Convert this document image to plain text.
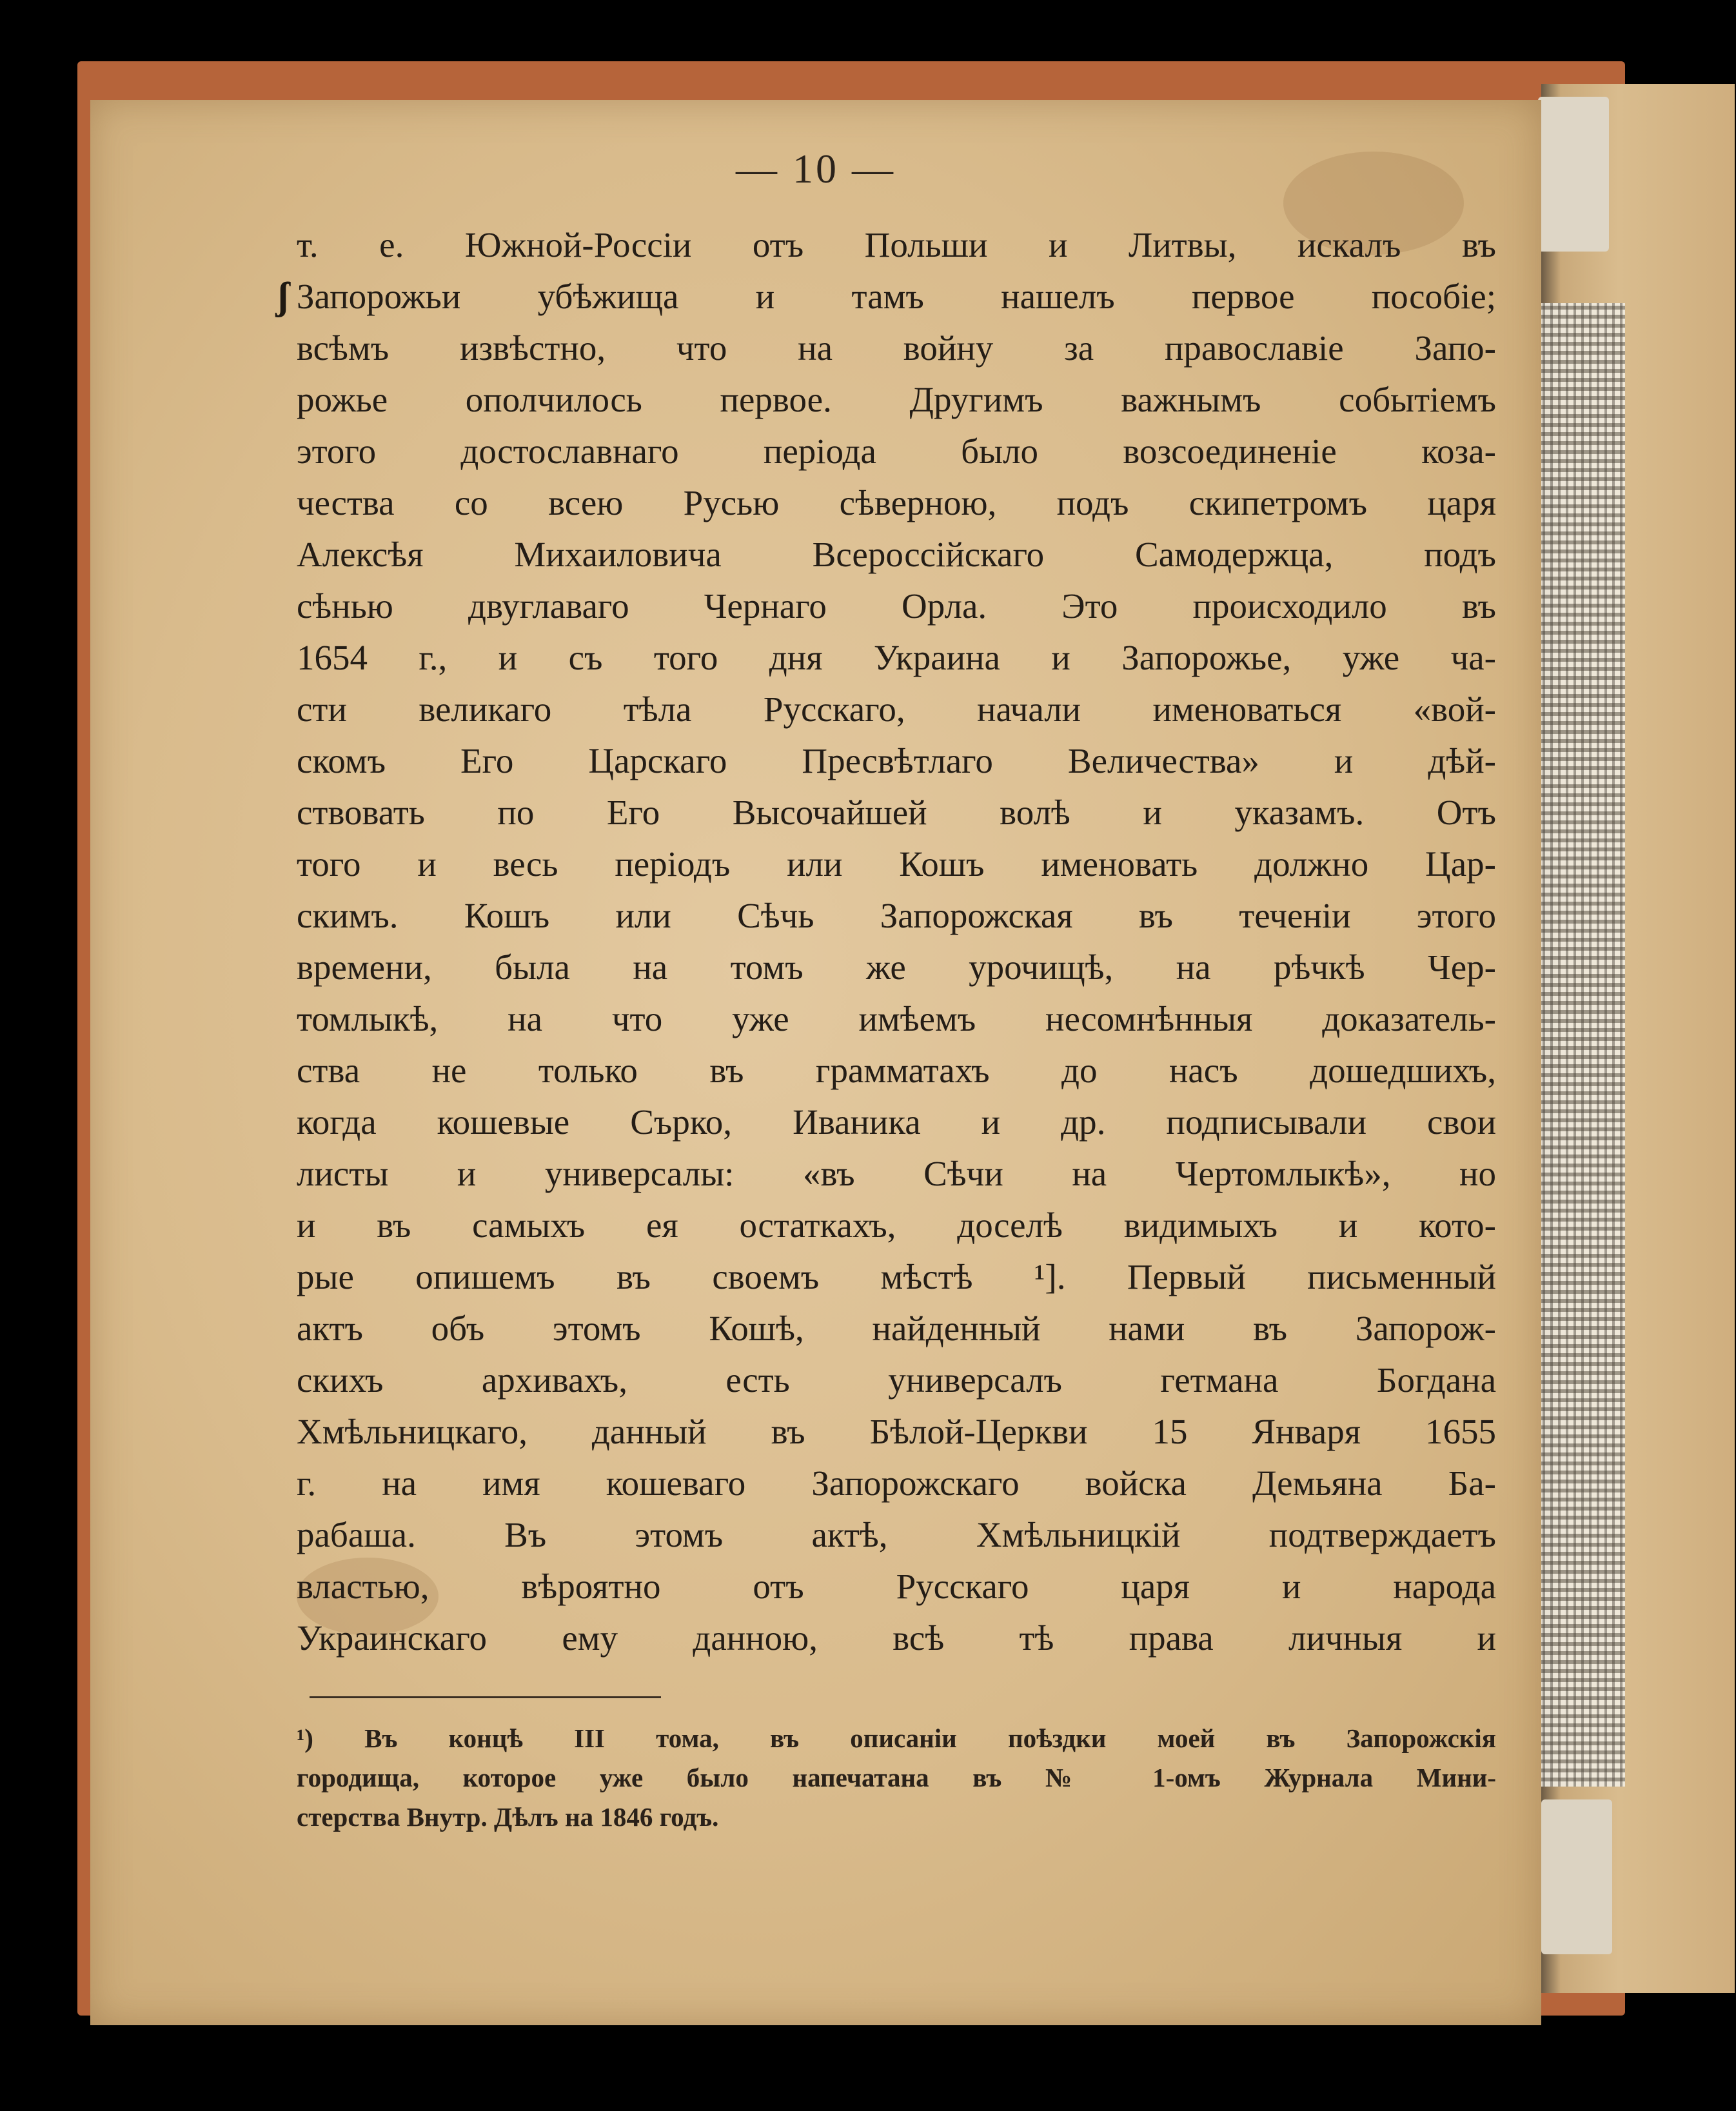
— 10 —
ʃ
т. е. Южной-Россіи отъ Польши и Литвы, искалъ въ
Запорожьи убѣжища и тамъ нашелъ первое пособіе;
всѣмъ извѣстно, что на войну за православіе Запо-
рожье ополчилось первое. Другимъ важнымъ событіемъ
этого достославнаго періода было возсоединеніе коза-
чества со всею Русью сѣверною, подъ скипетромъ царя
Алексѣя Михаиловича Всероссійскаго Самодержца, подъ
сѣнью двуглаваго Чернаго Орла. Это происходило въ
1654 г., и съ того дня Украина и Запорожье, уже ча-
сти великаго тѣла Русскаго, начали именоваться «вой-
скомъ Его Царскаго Пресвѣтлаго Величества» и дѣй-
ствовать по Его Высочайшей волѣ и указамъ. Отъ
того и весь періодъ или Кошъ именовать должно Цар-
скимъ. Кошъ или Сѣчь Запорожская въ теченіи этого
времени, была на томъ же урочищѣ, на рѣчкѣ Чер-
томлыкѣ, на что уже имѣемъ несомнѣнныя доказатель-
ства не только въ грамматахъ до насъ дошедшихъ,
когда кошевые Сърко, Иваника и др. подписывали свои
листы и универсалы: «въ Сѣчи на Чертомлыкѣ», но
и въ самыхъ ея остаткахъ, доселѣ видимыхъ и кото-
рые опишемъ въ своемъ мѣстѣ ¹]. Первый письменный
актъ объ этомъ Кошѣ, найденный нами въ Запорож-
скихъ архивахъ, есть универсалъ гетмана Богдана
Хмѣльницкаго, данный въ Бѣлой-Церкви 15 Января 1655
г. на имя кошеваго Запорожскаго войска Демьяна Ба-
рабаша. Въ этомъ актѣ, Хмѣльницкій подтверждаетъ
властью, вѣроятно отъ Русскаго царя и народа
Украинскаго ему данною, всѣ тѣ права личныя и
¹) Въ концѣ III тома, въ описаніи поѣздки моей въ Запорожскія
городища, которое уже было напечатана въ № 1-омъ Журнала Мини-
стерства Внутр. Дѣлъ на 1846 годъ.
